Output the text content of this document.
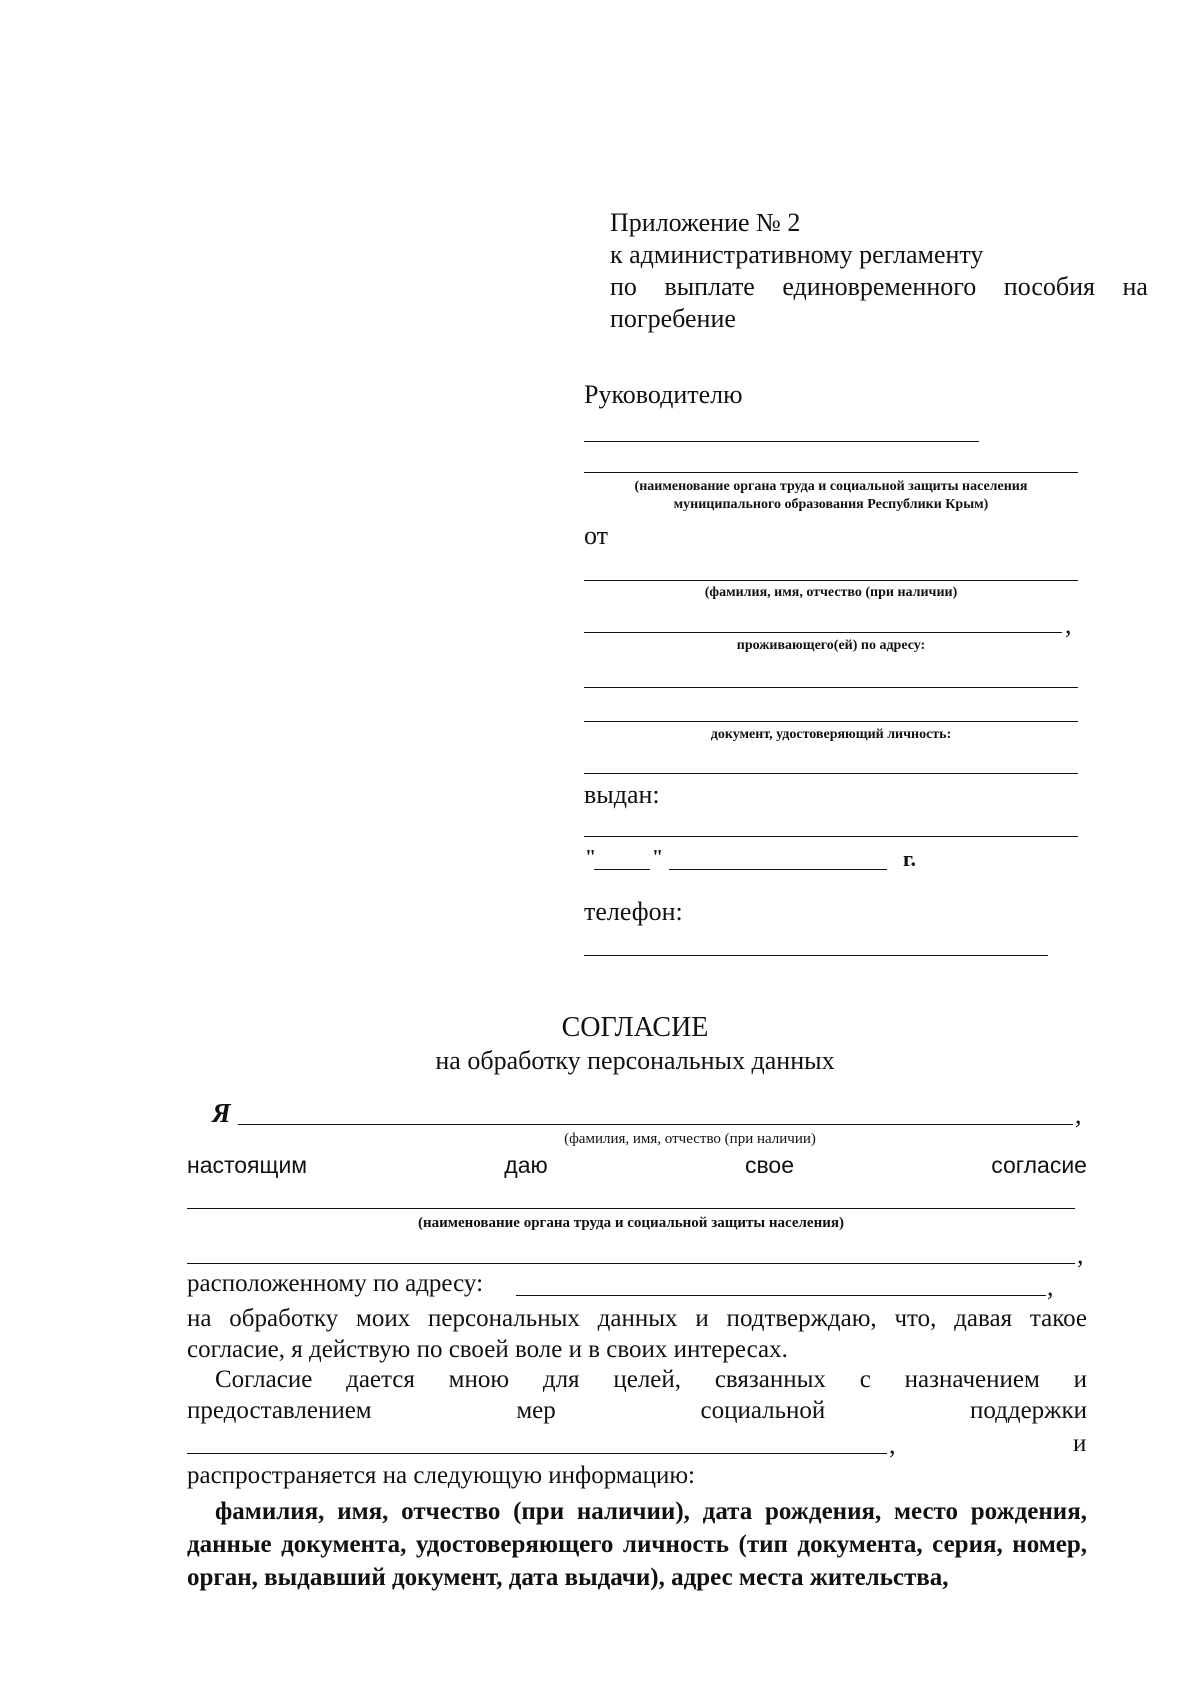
Приложение № 2
к административному регламенту
по выплате единовременного пособия на
погребение
Руководителю
(наименование органа труда и социальной защиты населения
муниципального образования Республики Крым)
от
(фамилия, имя, отчество (при наличии)
,
проживающего(ей) по адресу:
документ, удостоверяющий личность:
выдан:
"	"	г.
телефон:
СОГЛАСИЕ
на обработку персональных данных
Я	,
(фамилия, имя, отчество (при наличии)
настоящим	даю	свое	согласие
(наименование органа труда и социальной защиты населения)
,
расположенному по адресу:	,
на обработку моих персональных данных и подтверждаю, что, давая такое согласие, я действую по своей воле и в своих интересах.
Согласие дается мною для целей, связанных с назначением и
предоставлением	мер	социальной	поддержки
,	и
распространяется на следующую информацию:
фамилия, имя, отчество (при наличии), дата рождения, место рождения, данные документа, удостоверяющего личность (тип документа, серия, номер, орган, выдавший документ, дата выдачи), адрес места жительства,
